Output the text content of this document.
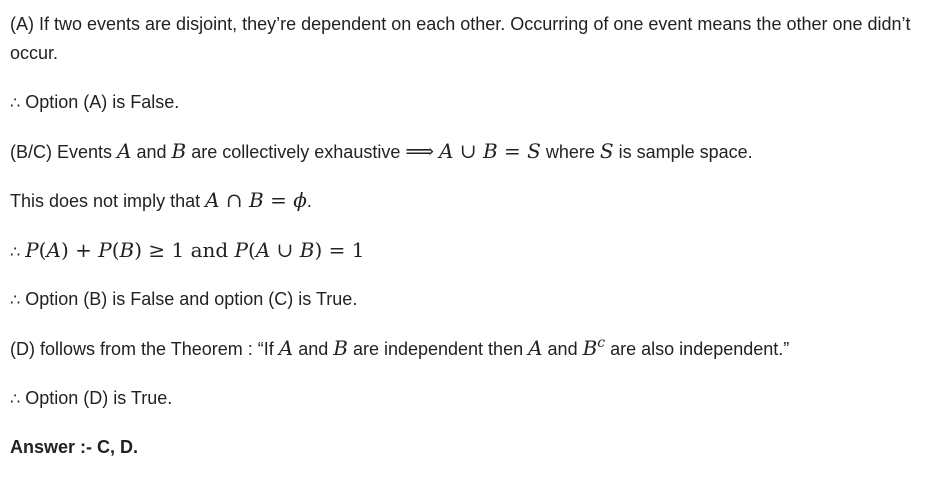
(A) If two events are disjoint, they’re dependent on each other. Occurring of one event means the other one didn’t occur.

∴ Option (A) is False.

(B/C) Events A and B are collectively exhaustive ⟹ A ∪ B = S where S is sample space.

This does not imply that A ∩ B = ϕ.

∴ P(A) + P(B) ≥ 1 and P(A ∪ B) = 1

∴ Option (B) is False and option (C) is True.

(D) follows from the Theorem : “If A and B are independent then A and $B^c$ are also independent.”

∴ Option (D) is True.

Answer :- C, D.
